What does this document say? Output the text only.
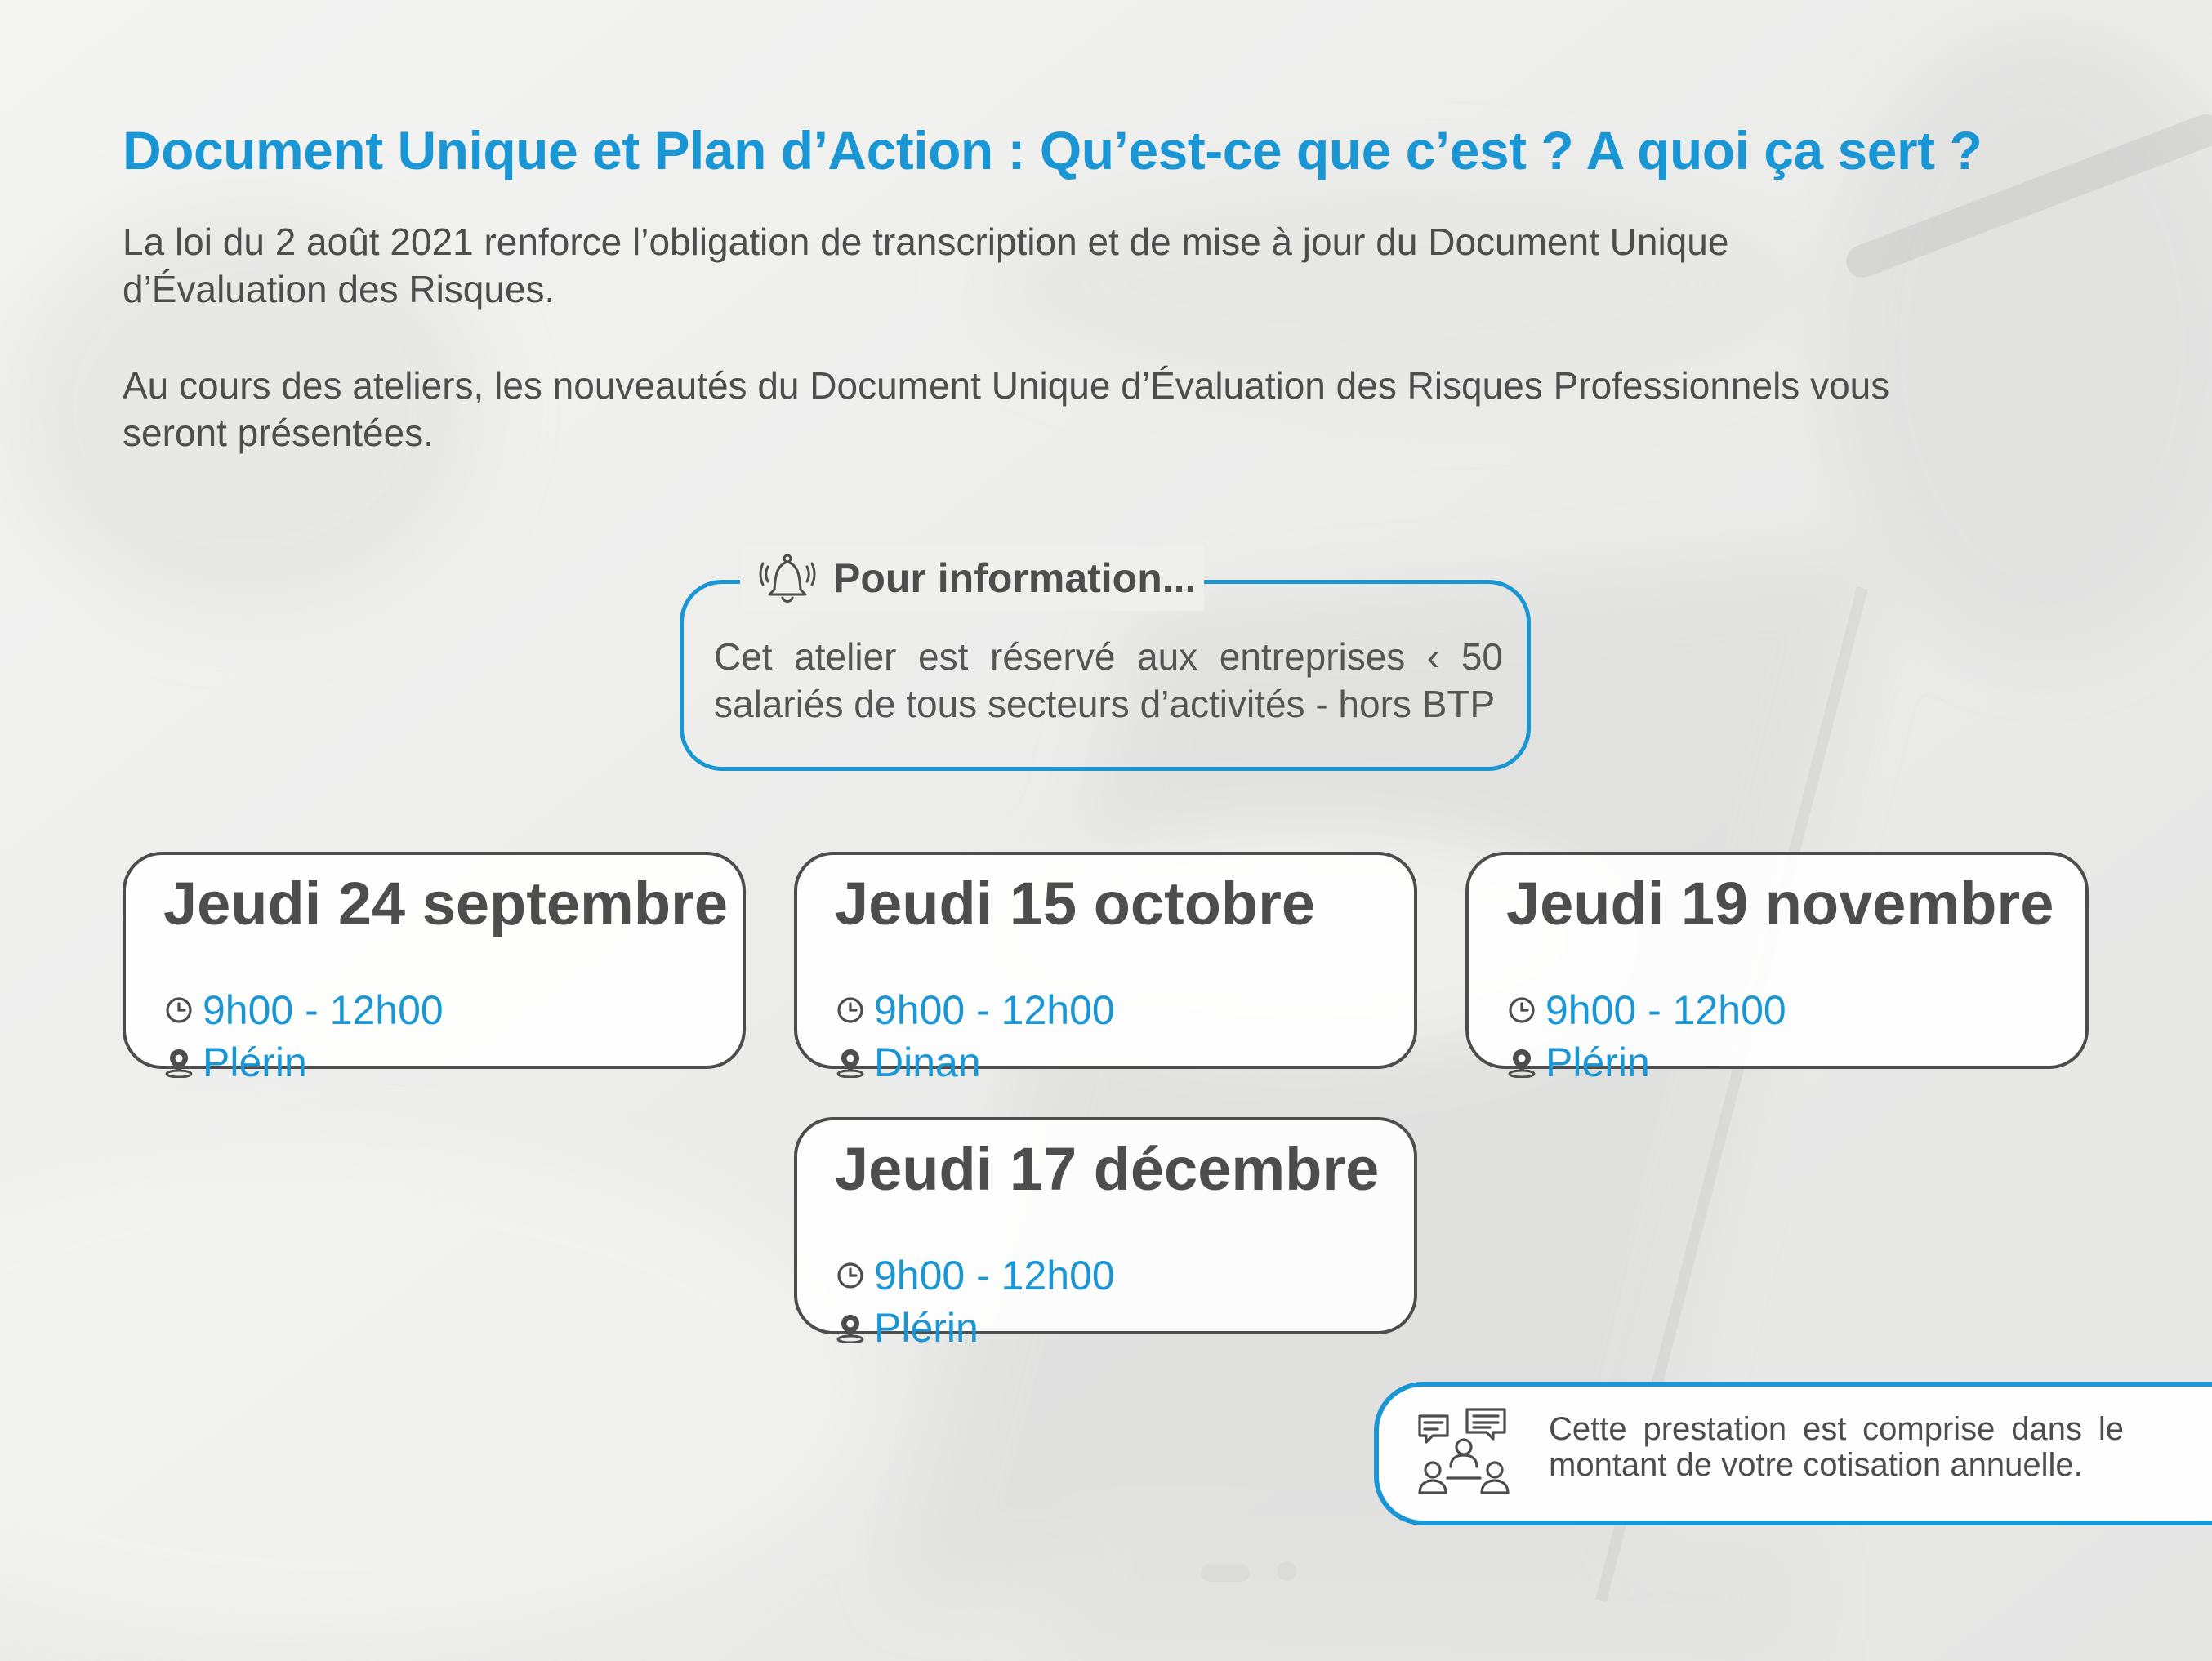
Document Unique et Plan d’Action : Qu’est-ce que c’est ? A quoi ça sert ?
La loi du 2 août 2021 renforce l’obligation de transcription et de mise à jour du Document Unique d’Évaluation des Risques.
Au cours des ateliers, les nouveautés du Document Unique d’Évaluation des Risques Professionnels vous seront présentées.
Pour information...
Cet atelier est réservé aux entreprises ‹ 50 salariés de tous secteurs d’activités - hors BTP
Jeudi 24 septembre
9h00 - 12h00
Plérin
Jeudi 15 octobre
9h00 - 12h00
Dinan
Jeudi 19 novembre
9h00 - 12h00
Plérin
Jeudi 17 décembre
9h00 - 12h00
Plérin
Cette prestation est comprise dans le montant de votre cotisation annuelle.
